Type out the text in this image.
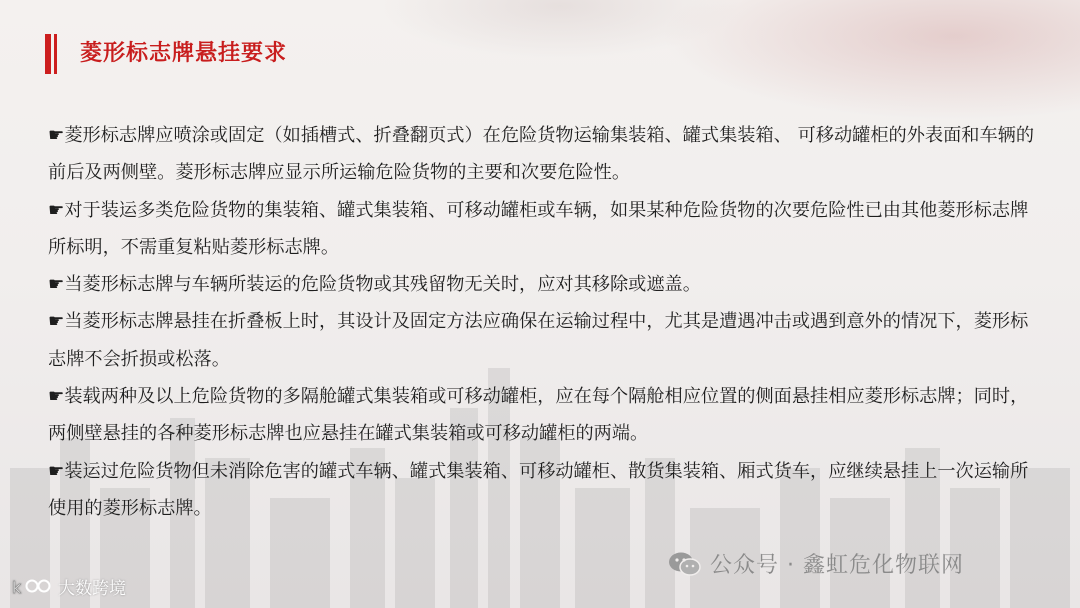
菱形标志牌悬挂要求

☛菱形标志牌应喷涂或固定（如插槽式、折叠翻页式）在危险货物运输集装箱、罐式集装箱、 可移动罐柜的外表面和车辆的前后及两侧壁。菱形标志牌应显示所运输危险货物的主要和次要危险性。

☛对于装运多类危险货物的集装箱、罐式集装箱、可移动罐柜或车辆，如果某种危险货物的次要危险性已由其他菱形标志牌所标明，不需重复粘贴菱形标志牌。

☛当菱形标志牌与车辆所装运的危险货物或其残留物无关时，应对其移除或遮盖。

☛当菱形标志牌悬挂在折叠板上时，其设计及固定方法应确保在运输过程中，尤其是遭遇冲击或遇到意外的情况下，菱形标志牌不会折损或松落。

☛装载两种及以上危险货物的多隔舱罐式集装箱或可移动罐柜，应在每个隔舱相应位置的侧面悬挂相应菱形标志牌；同时，两侧壁悬挂的各种菱形标志牌也应悬挂在罐式集装箱或可移动罐柜的两端。

☛装运过危险货物但未消除危害的罐式车辆、罐式集装箱、可移动罐柜、散货集装箱、厢式货车，应继续悬挂上一次运输所使用的菱形标志牌。

公众号 · 鑫虹危化物联网
k 大数跨境
